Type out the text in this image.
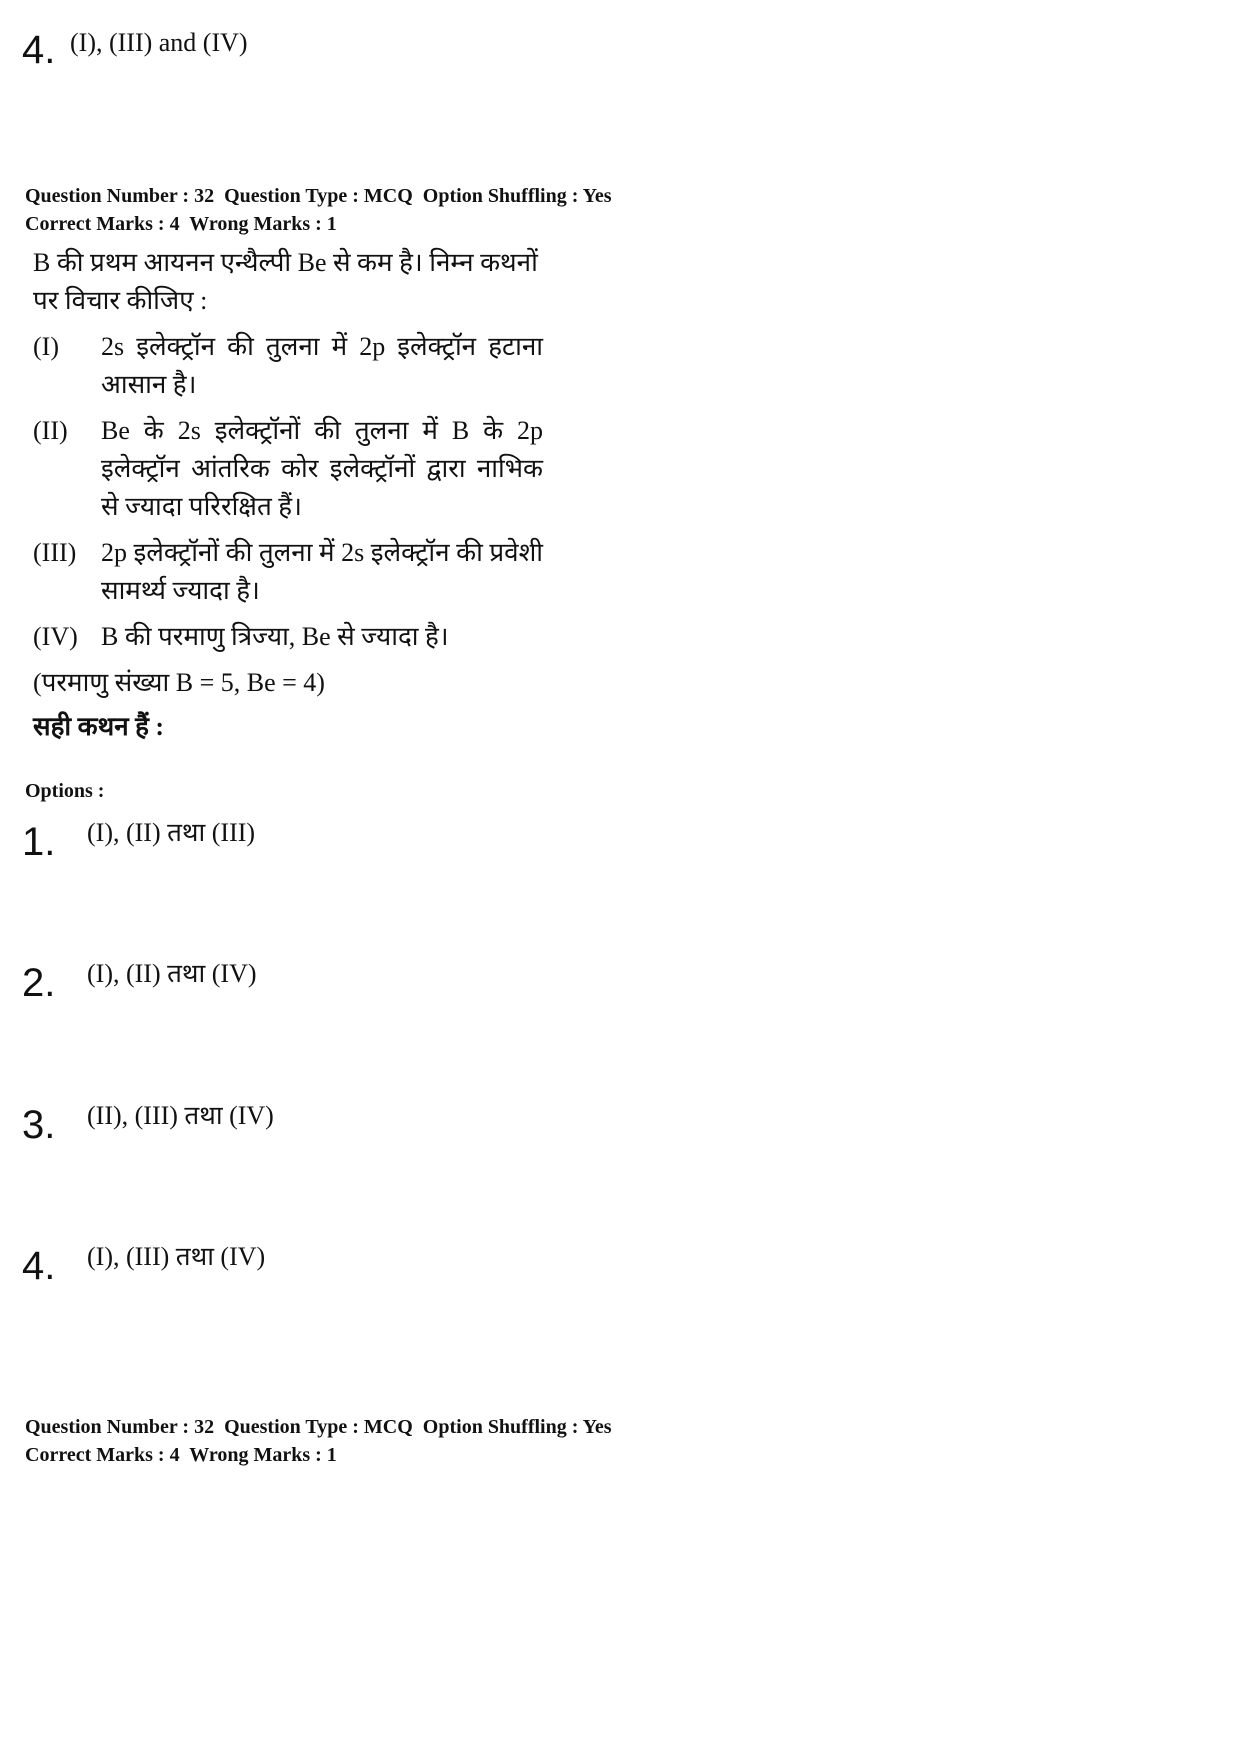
4. (I), (III) and (IV)
Question Number : 32  Question Type : MCQ  Option Shuffling : Yes
Correct Marks : 4  Wrong Marks : 1

B की प्रथम आयनन एन्थैल्पी Be से कम है। निम्न कथनों पर विचार कीजिए :

(I)	2s इलेक्ट्रॉन की तुलना में 2p इलेक्ट्रॉन हटाना आसान है।
(II)	Be के 2s इलेक्ट्रॉनों की तुलना में B के 2p इलेक्ट्रॉन आंतरिक कोर इलेक्ट्रॉनों द्वारा नाभिक से ज्यादा परिरक्षित हैं।
(III) 2p इलेक्ट्रॉनों की तुलना में 2s इलेक्ट्रॉन की प्रवेशी सामर्थ्य ज्यादा है।
(IV) B की परमाणु त्रिज्या, Be से ज्यादा है।

(परमाणु संख्या B = 5, Be = 4)

सही कथन हैं :

Options :
1. (I), (II) तथा (III)
2. (I), (II) तथा (IV)
3. (II), (III) तथा (IV)
4. (I), (III) तथा (IV)
Question Number : 32  Question Type : MCQ  Option Shuffling : Yes
Correct Marks : 4  Wrong Marks : 1
